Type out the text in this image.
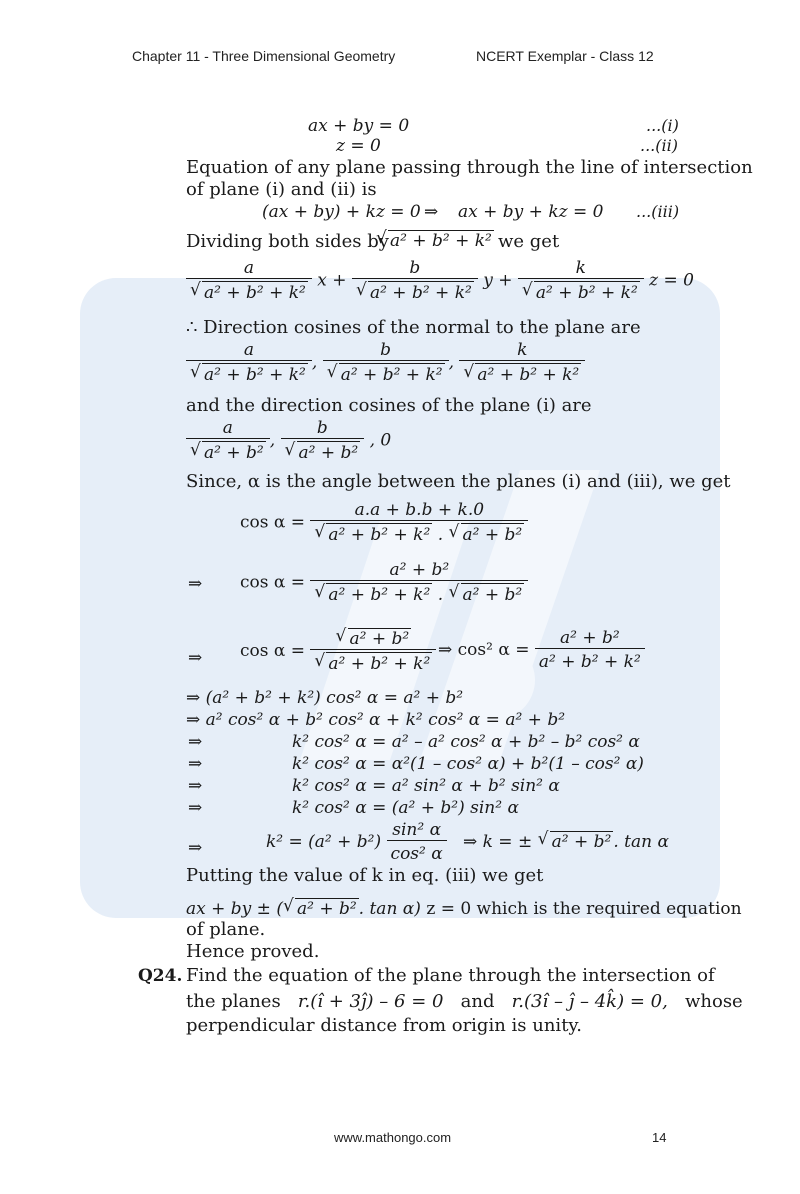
Chapter 11 - Three Dimensional Geometry	NCERT Exemplar - Class 12
ax + by = 0	...(i)
z = 0	...(ii)
Equation of any plane passing through the line of intersection
of plane (i) and (ii) is
(ax + by) + kz = 0 ⇒ ax + by + kz = 0 ...(iii)
Dividing both sides by √ a² + b² + k² we get
a
√ a² + b² + k² x + b
√ a² + b² + k² y + k
√ a² + b² + k² z = 0
∴ Direction cosines of the normal to the plane are
a
√ a² + b² + k² , b
√ a² + b² + k² , k
√ a² + b² + k²
and the direction cosines of the plane (i) are
a
√ a² + b² , b
√ a² + b² , 0
Since, α is the angle between the planes (i) and (iii), we get
cos α = a.a + b.b + k.0
√ a² + b² + k² . √ a² + b²
⇒ cos α = a² + b²
√ a² + b² + k² . √ a² + b²
⇒ cos α = √ a² + b²
√ a² + b² + k² ⇒ cos² $\alpha = \frac{\text{a² + b²}}{\text{a² + b² + k²}}$
⇒ (a² + b² + k²) cos² α = a² + b²
⇒ a² cos² α + b² cos² α + k² cos² α = a² + b²
⇒	k² cos² α = a² – a² cos² α + b² – b² cos² α
⇒	k² cos² α = α²(1 – cos² α) + b²(1 – cos² α)
⇒	k² cos² α = a² sin² α + b² sin² α
⇒	k² cos² α = (a² + b²) sin² α
⇒	$k^2 = (a^2 + b^2) \frac{\text{sin² α}}{\text{cos² α}}$ ⇒ k = ± √ a² + b² . tan α
Putting the value of k in eq. (iii) we get
ax + by ± ( √ a² + b² . tan α) z = 0 which is the required equation
of plane.
Hence proved.
Q24. Find the equation of the plane through the intersection of
the planes r.(î + 3ĵ) – 6 = 0 and r.(3î – ĵ – 4k̂) = 0, whose
perpendicular distance from origin is unity.
www.mathongo.com	14
